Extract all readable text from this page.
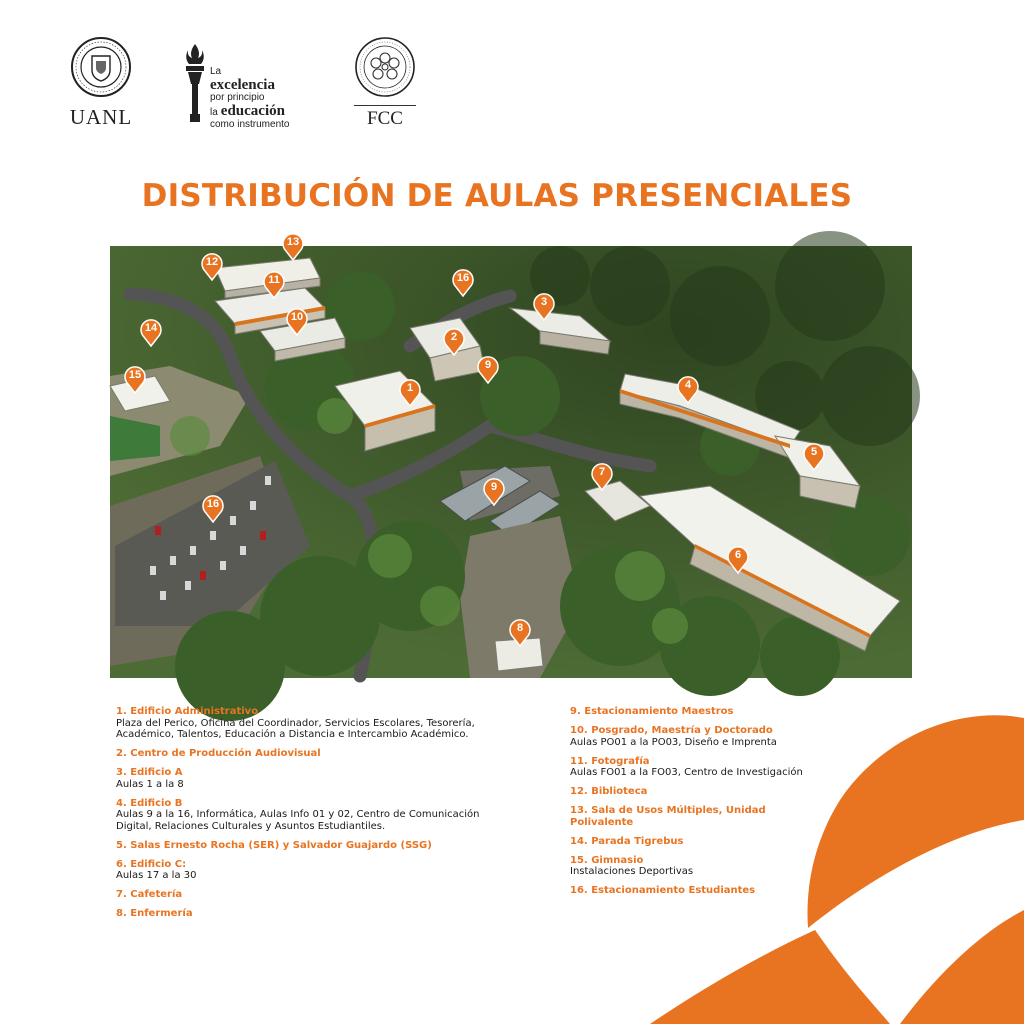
UANL
La
excelencia
por principio
la educación
como instrumento	FCC
DISTRIBUCIÓN DE AULAS PRESENCIALES
1
2
3
4
5
6
7
8
9
9
10
11
12
13
14
15
16
16
1. Edificio Administrativo
Plaza del Perico, Oficina del Coordinador, Servicios Escolares, Tesorería,
Académico, Talentos, Educación a Distancia e Intercambio Académico.
2. Centro de Producción Audiovisual
3. Edificio A
Aulas 1 a la 8
4. Edificio B
Aulas 9 a la 16, Informática, Aulas Info 01 y 02, Centro de Comunicación
Digital, Relaciones Culturales y Asuntos Estudiantiles.
5. Salas Ernesto Rocha (SER) y Salvador Guajardo (SSG)
6. Edificio C:
Aulas 17 a la 30
7. Cafetería
8. Enfermería
9. Estacionamiento Maestros
10. Posgrado, Maestría y Doctorado
Aulas PO01 a la PO03, Diseño e Imprenta
11. Fotografía
Aulas FO01 a la FO03, Centro de Investigación
12. Biblioteca
13. Sala de Usos Múltiples, Unidad Polivalente
14. Parada Tigrebus
15. Gimnasio
Instalaciones Deportivas
16. Estacionamiento Estudiantes
